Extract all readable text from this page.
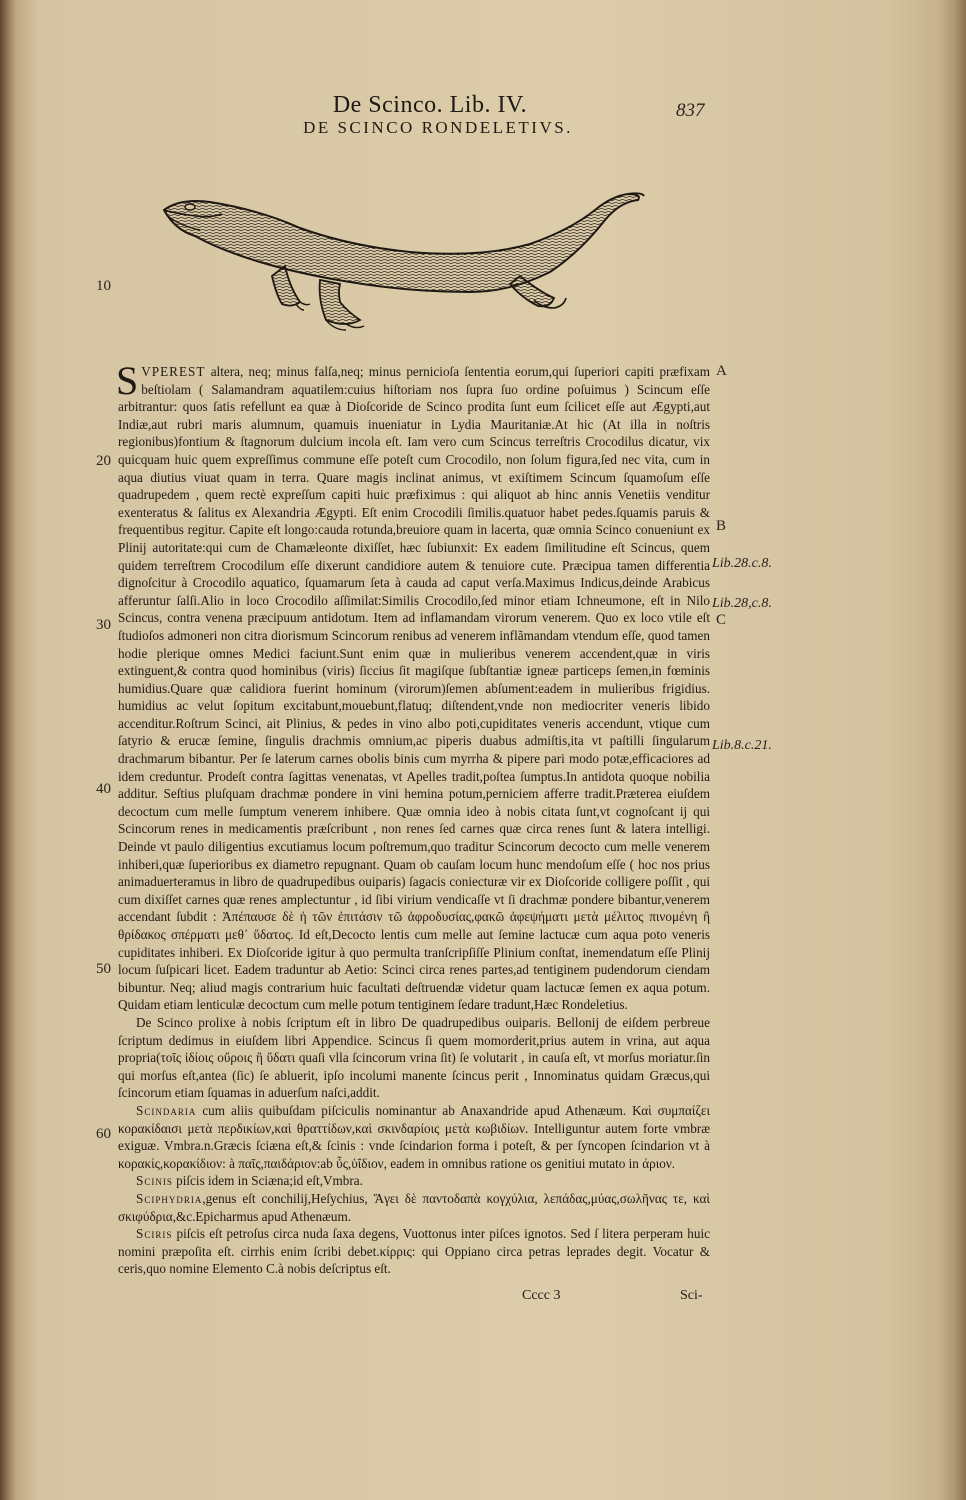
De Scinco. Lib. IV.	837
DE SCINCO RONDELETIVS.
10
20
30
40
50
60
A
B
C
Lib.28.c.8.
Lib.28,c.8.
Lib.8.c.21.

SVPEREST altera, neq; minus falſa,neq; minus pernicioſa ſententia eorum,qui ſuperiori capiti præfixam beſtiolam ( Salamandram aquatilem:cuius hiſtoriam nos ſupra ſuo ordine poſuimus ) Scincum eſſe arbitrantur: quos ſatis refellunt ea quæ à Dioſcoride de Scinco prodita ſunt eum ſcilicet eſſe aut Ægypti,aut Indiæ,aut rubri maris alumnum, quamuis inueniatur in Lydia Mauritaniæ.At hic (At illa in noſtris regionibus)fontium & ſtagnorum dulcium incola eſt. Iam vero cum Scincus terreſtris Crocodilus dicatur, vix quicquam huic quem expreſſimus commune eſſe poteſt cum Crocodilo, non ſolum figura,ſed nec vita, cum in aqua diutius viuat quam in terra. Quare magis inclinat animus, vt exiſtimem Scincum ſquamoſum eſſe quadrupedem , quem rectè expreſſum capiti huic præfiximus : qui aliquot ab hinc annis Venetiis venditur exenteratus & ſalitus ex Alexandria Ægypti. Eſt enim Crocodili ſimilis.quatuor habet pedes.ſquamis paruis & frequentibus regitur. Capite eſt longo:cauda rotunda,breuiore quam in lacerta, quæ omnia Scinco conueniunt ex Plinij autoritate:qui cum de Chamæleonte dixiſſet, hæc ſubiunxit: Ex eadem ſimilitudine eſt Scincus, quem quidem terreſtrem Crocodilum eſſe dixerunt candidiore autem & tenuiore cute. Præcipua tamen differentia dignoſcitur à Crocodilo aquatico, ſquamarum ſeta à cauda ad caput verſa.Maximus Indicus,deinde Arabicus afferuntur ſalſi.Alio in loco Crocodilo aſſimilat:Similis Crocodilo,ſed minor etiam Ichneumone, eſt in Nilo Scincus, contra venena præcipuum antidotum. Item ad inflamandam virorum venerem. Quo ex loco vtile eſt ſtudioſos admoneri non citra diorismum Scincorum renibus ad venerem inflãmandam vtendum eſſe, quod tamen hodie plerique omnes Medici faciunt.Sunt enim quæ in mulieribus venerem accendent,quæ in viris extinguent,& contra quod hominibus (viris) ſiccius ſit magiſque ſubſtantiæ igneæ particeps ſemen,in fœminis humidius.Quare quæ calidiora fuerint hominum (virorum)ſemen abſument:eadem in mulieribus frigidius. humidius ac velut ſopitum excitabunt,mouebunt,flatuq; diſtendent,vnde non mediocriter veneris libido accenditur.Roſtrum Scinci, ait Plinius, & pedes in vino albo poti,cupiditates veneris accendunt, vtique cum ſatyrio & erucæ ſemine, ſingulis drachmis omnium,ac piperis duabus admiſtis,ita vt paſtilli ſingularum drachmarum bibantur. Per ſe laterum carnes obolis binis cum myrrha & pipere pari modo potæ,efficaciores ad idem creduntur. Prodeſt contra ſagittas venenatas, vt Apelles tradit,poſtea ſumptus.In antidota quoque nobilia additur. Seſtius pluſquam drachmæ pondere in vini hemina potum,perniciem afferre tradit.Præterea eiuſdem decoctum cum melle ſumptum venerem inhibere. Quæ omnia ideo à nobis citata ſunt,vt cognoſcant ij qui Scincorum renes in medicamentis præſcribunt , non renes ſed carnes quæ circa renes ſunt & latera intelligi. Deinde vt paulo diligentius excutiamus locum poſtremum,quo traditur Scincorum decocto cum melle venerem inhiberi,quæ ſuperioribus ex diametro repugnant. Quam ob cauſam locum hunc mendoſum eſſe ( hoc nos prius animaduerteramus in libro de quadrupedibus ouiparis) ſagacis coniecturæ vir ex Dioſcoride colligere poſſit , qui cum dixiſſet carnes quæ renes amplectuntur , id ſibi virium vendicaſſe vt ſi drachmæ pondere bibantur,venerem accendant ſubdit : Ἀπέπαυσε δὲ ἡ τῶν ἐπιτάσιν τῶ ἀφροδυσίας,φακῶ ἀφεψήματι μετὰ μέλιτος πινομένη ἢ θρίδακος σπέρματι μεθ᾽ ὕδατος. Id eſt,Decocto lentis cum melle aut ſemine lactucæ cum aqua poto veneris cupiditates inhiberi. Ex Dioſcoride igitur à quo permulta tranſcripſiſſe Plinium conſtat, inemendatum eſſe Plinij locum ſuſpicari licet. Eadem traduntur ab Aetio: Scinci circa renes partes,ad tentiginem pudendorum ciendam bibuntur. Neq; aliud magis contrarium huic facultati deſtruendæ videtur quam lactucæ ſemen ex aqua potum. Quidam etiam lenticulæ decoctum cum melle potum tentiginem ſedare tradunt,Hæc Rondeletius.

De Scinco prolixe à nobis ſcriptum eſt in libro De quadrupedibus ouiparis. Bellonij de eiſdem perbreue ſcriptum dedimus in eiuſdem libri Appendice. Scincus ſi quem momorderit,prius autem in vrina, aut aqua propria(τοῖς ἰδίοις οὔροις ἢ ὕδατι quaſi vlla ſcincorum vrina ſit) ſe volutarit , in cauſa eſt, vt morſus moriatur.ſin qui morſus eſt,antea (ſic) ſe abluerit, ipſo incolumi manente ſcincus perit , Innominatus quidam Græcus,qui ſcincorum etiam ſquamas in aduerſum naſci,addit.

Scindaria cum aliis quibuſdam piſciculis nominantur ab Anaxandride apud Athenæum. Καὶ συμπαίζει κορακίδαισι μετὰ περδικίων,καὶ θραττίδων,καὶ σκινδαρίοις μετὰ κωβιδίων. Intelliguntur autem forte vmbræ exiguæ. Vmbra.n.Græcis ſciæna eſt,& ſcinis : vnde ſcindarion forma i poteſt, & per ſyncopen ſcindarion vt à κορακίς,κορακίδιον: à παῖς,παιδάριον:ab ὖς,ὑΐδιον, eadem in omnibus ratione os genitiui mutato in άριον.

Scinis piſcis idem in Sciæna;id eſt,Vmbra.

Sciphydria,genus eſt conchilij,Heſychius, Ἄγει δὲ παντοδαπὰ κογχύλια, λεπάδας,μύας,σωλῆνας τε, καὶ σκιφύδρια,&c.Epicharmus apud Athenæum.

Sciris piſcis eſt petroſus circa nuda ſaxa degens, Vuottonus inter piſces ignotos. Sed ſ litera perperam huic nomini præpoſita eſt. cirrhis enim ſcribi debet.κίρρις: qui Oppiano circa petras leprades degit. Vocatur & ceris,quo nomine Elemento C.à nobis deſcriptus eſt.

Cccc 3	Sci-
